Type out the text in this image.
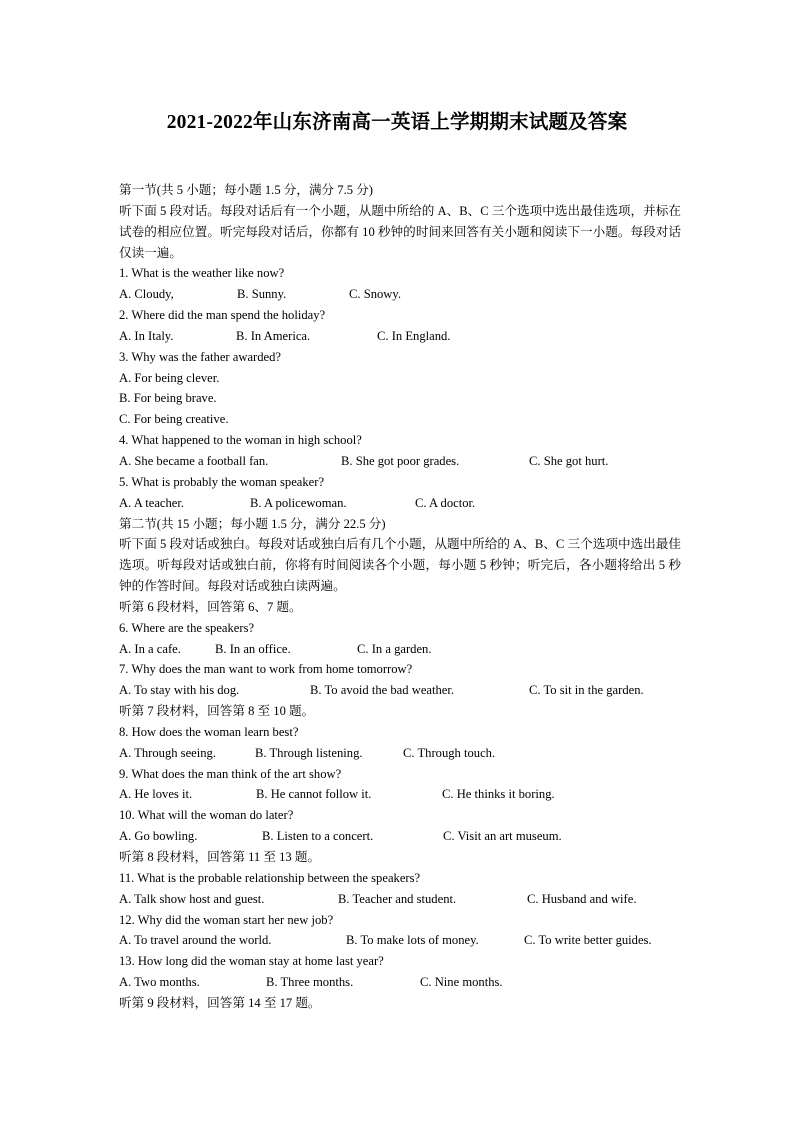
2021-2022年山东济南高一英语上学期期末试题及答案
第一节(共 5 小题；每小题 1.5 分，满分 7.5 分)
听下面 5 段对话。每段对话后有一个小题，从题中所给的 A、B、C 三个选项中选出最佳选项，并标在试卷的相应位置。听完每段对话后，你都有 10 秒钟的时间来回答有关小题和阅读下一小题。每段对话仅读一遍。
1. What is the weather like now?
A. Cloudy,	B. Sunny.	C. Snowy.
2. Where did the man spend the holiday?
A. In Italy.	B. In America.	C. In England.
3. Why was the father awarded?
A. For being clever.
B. For being brave.
C. For being creative.
4. What happened to the woman in high school?
A. She became a football fan.	B. She got poor grades.	C. She got hurt.
5. What is probably the woman speaker?
A. A teacher.	B. A policewoman.	C. A doctor.
第二节(共 15 小题；每小题 1.5 分，满分 22.5 分)
听下面 5 段对话或独白。每段对话或独白后有几个小题，从题中所给的 A、B、C 三个选项中选出最佳选项。听每段对话或独白前，你将有时间阅读各个小题，每小题 5 秒钟；听完后，各小题将给出 5 秒钟的作答时间。每段对话或独白读两遍。
听第 6 段材料，回答第 6、7 题。
6. Where are the speakers?
A. In a cafe.	B. In an office.	C. In a garden.
7. Why does the man want to work from home tomorrow?
A. To stay with his dog.	B. To avoid the bad weather.	C. To sit in the garden.
听第 7 段材料，回答第 8 至 10 题。
8. How does the woman learn best?
A. Through seeing.	B. Through listening.	C. Through touch.
9. What does the man think of the art show?
A. He loves it.	B. He cannot follow it.	C. He thinks it boring.
10. What will the woman do later?
A. Go bowling.	B. Listen to a concert.	C. Visit an art museum.
听第 8 段材料，回答第 11 至 13 题。
11. What is the probable relationship between the speakers?
A. Talk show host and guest.	B. Teacher and student.	C. Husband and wife.
12. Why did the woman start her new job?
A. To travel around the world.	B. To make lots of money.	C. To write better guides.
13. How long did the woman stay at home last year?
A. Two months.	B. Three months.	C. Nine months.
听第 9 段材料，回答第 14 至 17 题。
